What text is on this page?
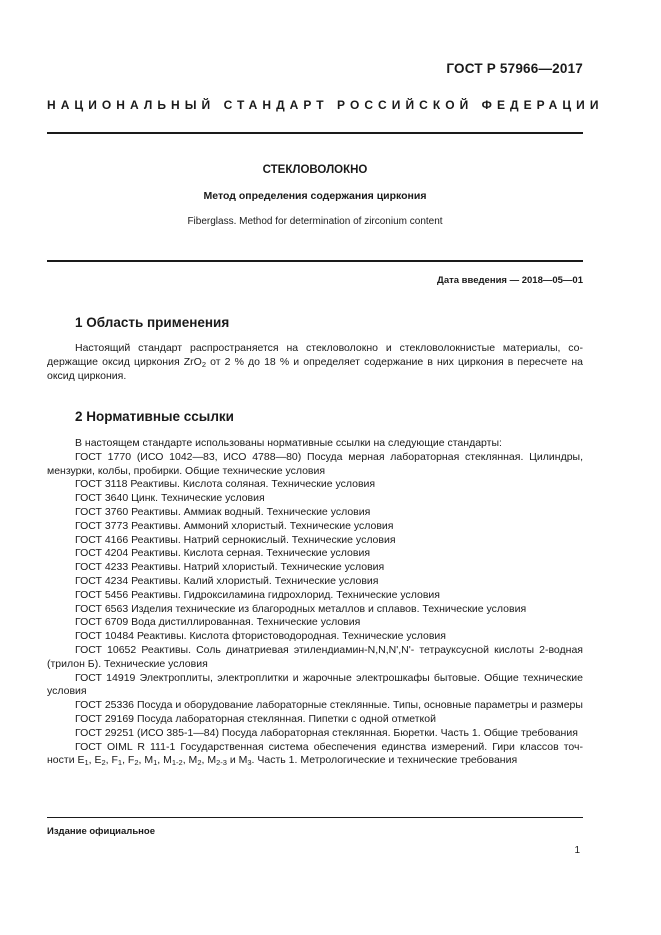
ГОСТ Р 57966—2017
НАЦИОНАЛЬНЫЙ СТАНДАРТ РОССИЙСКОЙ ФЕДЕРАЦИИ
СТЕКЛОВОЛОКНО
Метод определения содержания циркония
Fiberglass. Method for determination of zirconium content
Дата введения — 2018—05—01
1 Область применения

Настоящий стандарт распространяется на стекловолокно и стекловолокнистые материалы, содержащие оксид циркония ZrO$_2$ от 2 % до 18 % и определяет содержание в них циркония в пересчете на оксид циркония.

2 Нормативные ссылки

В настоящем стандарте использованы нормативные ссылки на следующие стандарты:

ГОСТ 1770 (ИСО 1042—83, ИСО 4788—80) Посуда мерная лабораторная стеклянная. Цилиндры, мензурки, колбы, пробирки. Общие технические условия

ГОСТ 3118 Реактивы. Кислота соляная. Технические условия

ГОСТ 3640 Цинк. Технические условия

ГОСТ 3760 Реактивы. Аммиак водный. Технические условия

ГОСТ 3773 Реактивы. Аммоний хлористый. Технические условия

ГОСТ 4166 Реактивы. Натрий сернокислый. Технические условия

ГОСТ 4204 Реактивы. Кислота серная. Технические условия

ГОСТ 4233 Реактивы. Натрий хлористый. Технические условия

ГОСТ 4234 Реактивы. Калий хлористый. Технические условия

ГОСТ 5456 Реактивы. Гидроксиламина гидрохлорид. Технические условия

ГОСТ 6563 Изделия технические из благородных металлов и сплавов. Технические условия

ГОСТ 6709 Вода дистиллированная. Технические условия

ГОСТ 10484 Реактивы. Кислота фтористоводородная. Технические условия

ГОСТ 10652 Реактивы. Соль динатриевая этилендиамин-N,N,N',N'- тетрауксусной кислоты 2-водная (трилон Б). Технические условия

ГОСТ 14919 Электроплиты, электроплитки и жарочные электрошкафы бытовые. Общие технические условия

ГОСТ 25336 Посуда и оборудование лабораторные стеклянные. Типы, основные параметры и размеры

ГОСТ 29169 Посуда лабораторная стеклянная. Пипетки с одной отметкой

ГОСТ 29251 (ИСО 385-1—84) Посуда лабораторная стеклянная. Бюретки. Часть 1. Общие требования

ГОСТ OIML R 111-1 Государственная система обеспечения единства измерений. Гири классов точности $E_1$, $E_2$, $F_1$, $F_2$, $M_1$, $M_{1-2}$, $M_2$, $M_{2-3}$ и $M_3$. Часть 1. Метрологические и технические требования

Издание официальное
1
